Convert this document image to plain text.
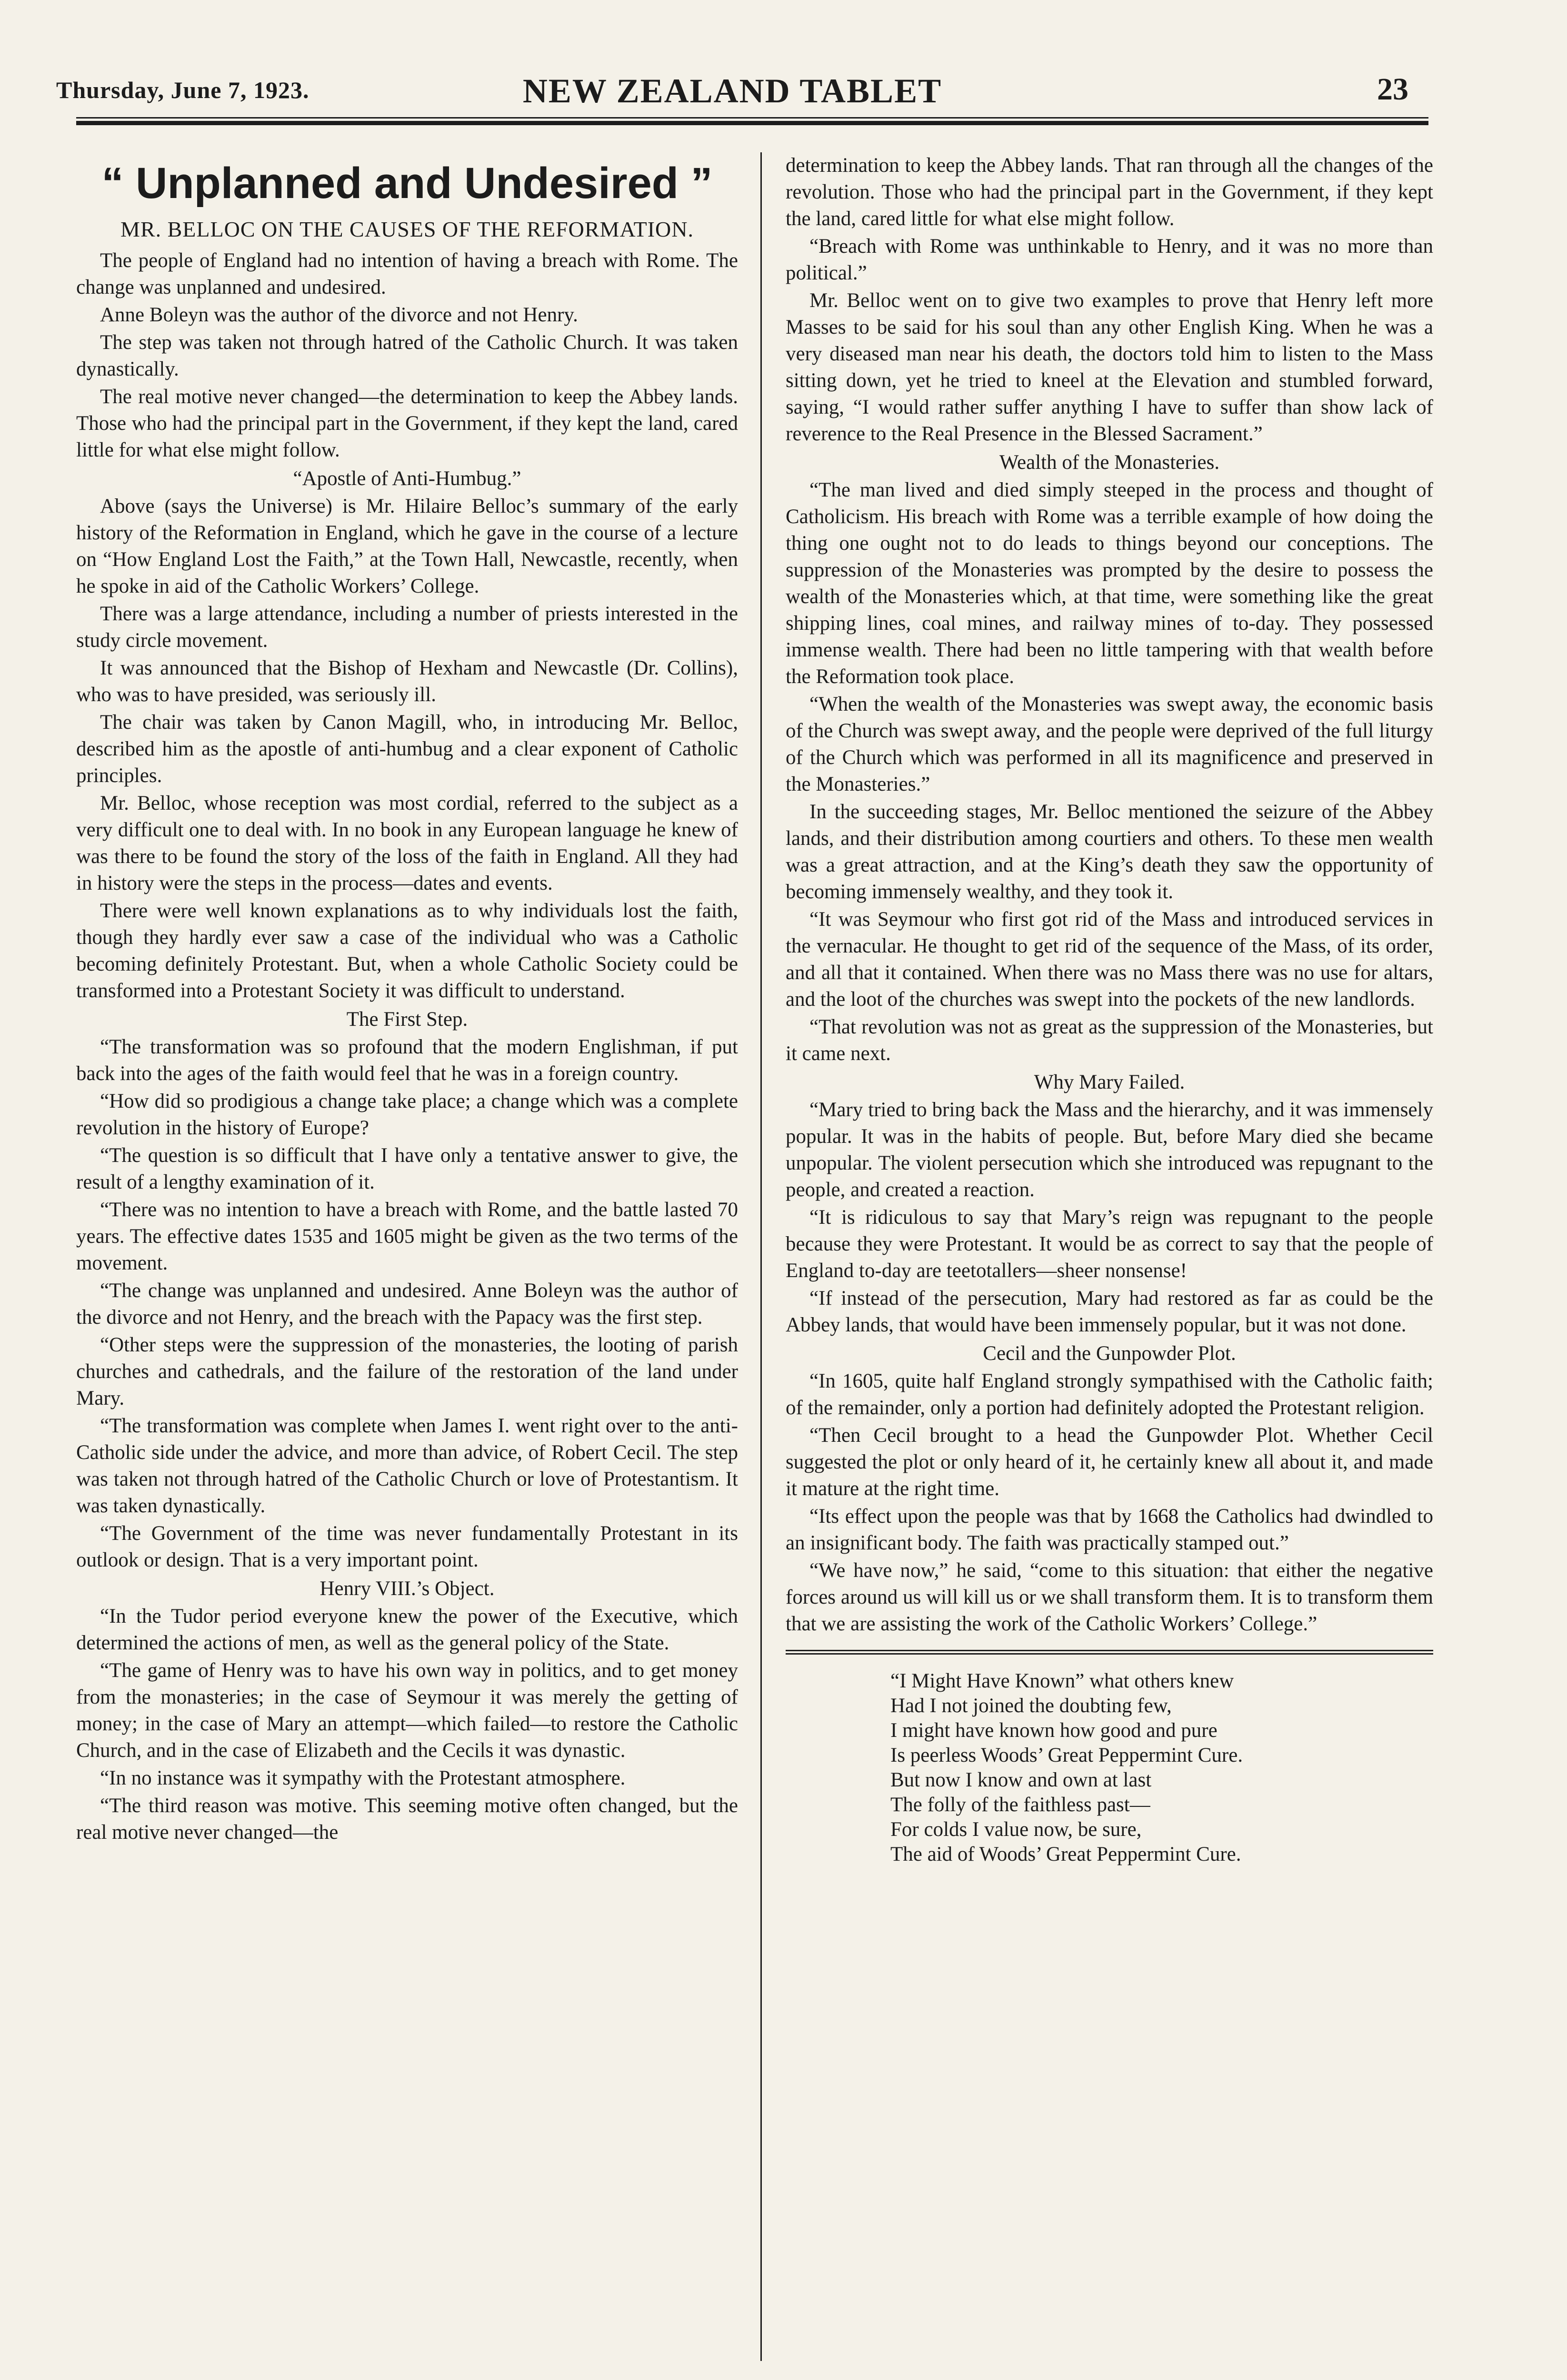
Thursday, June 7, 1923.	NEW ZEALAND TABLET	23
“ Unplanned and Undesired ”
MR. BELLOC ON THE CAUSES OF THE REFORMATION.
The people of England had no intention of having a breach with Rome. The change was unplanned and undesired.
Anne Boleyn was the author of the divorce and not Henry.
The step was taken not through hatred of the Catholic Church. It was taken dynastically.
The real motive never changed—the determination to keep the Abbey lands. Those who had the principal part in the Government, if they kept the land, cared little for what else might follow.
“Apostle of Anti-Humbug.”
Above (says the Universe) is Mr. Hilaire Belloc’s summary of the early history of the Reformation in England, which he gave in the course of a lecture on “How England Lost the Faith,” at the Town Hall, Newcastle, recently, when he spoke in aid of the Catholic Workers’ College.
There was a large attendance, including a number of priests interested in the study circle movement.
It was announced that the Bishop of Hexham and Newcastle (Dr. Collins), who was to have presided, was seriously ill.
The chair was taken by Canon Magill, who, in introducing Mr. Belloc, described him as the apostle of anti-humbug and a clear exponent of Catholic principles.
Mr. Belloc, whose reception was most cordial, referred to the subject as a very difficult one to deal with. In no book in any European language he knew of was there to be found the story of the loss of the faith in England. All they had in history were the steps in the process—dates and events.
There were well known explanations as to why individuals lost the faith, though they hardly ever saw a case of the individual who was a Catholic becoming definitely Protestant. But, when a whole Catholic Society could be transformed into a Protestant Society it was difficult to understand.
The First Step.
“The transformation was so profound that the modern Englishman, if put back into the ages of the faith would feel that he was in a foreign country.
“How did so prodigious a change take place; a change which was a complete revolution in the history of Europe?
“The question is so difficult that I have only a tentative answer to give, the result of a lengthy examination of it.
“There was no intention to have a breach with Rome, and the battle lasted 70 years. The effective dates 1535 and 1605 might be given as the two terms of the movement.
“The change was unplanned and undesired. Anne Boleyn was the author of the divorce and not Henry, and the breach with the Papacy was the first step.
“Other steps were the suppression of the monasteries, the looting of parish churches and cathedrals, and the failure of the restoration of the land under Mary.
“The transformation was complete when James I. went right over to the anti-Catholic side under the advice, and more than advice, of Robert Cecil. The step was taken not through hatred of the Catholic Church or love of Protestantism. It was taken dynastically.
“The Government of the time was never fundamentally Protestant in its outlook or design. That is a very important point.
Henry VIII.’s Object.
“In the Tudor period everyone knew the power of the Executive, which determined the actions of men, as well as the general policy of the State.
“The game of Henry was to have his own way in politics, and to get money from the monasteries; in the case of Seymour it was merely the getting of money; in the case of Mary an attempt—which failed—to restore the Catholic Church, and in the case of Elizabeth and the Cecils it was dynastic.
“In no instance was it sympathy with the Protestant atmosphere.
“The third reason was motive. This seeming motive often changed, but the real motive never changed—the
determination to keep the Abbey lands. That ran through all the changes of the revolution. Those who had the principal part in the Government, if they kept the land, cared little for what else might follow.
“Breach with Rome was unthinkable to Henry, and it was no more than political.”
Mr. Belloc went on to give two examples to prove that Henry left more Masses to be said for his soul than any other English King. When he was a very diseased man near his death, the doctors told him to listen to the Mass sitting down, yet he tried to kneel at the Elevation and stumbled forward, saying, “I would rather suffer anything I have to suffer than show lack of reverence to the Real Presence in the Blessed Sacrament.”
Wealth of the Monasteries.
“The man lived and died simply steeped in the process and thought of Catholicism. His breach with Rome was a terrible example of how doing the thing one ought not to do leads to things beyond our conceptions. The suppression of the Monasteries was prompted by the desire to possess the wealth of the Monasteries which, at that time, were something like the great shipping lines, coal mines, and railway mines of to-day. They possessed immense wealth. There had been no little tampering with that wealth before the Reformation took place.
“When the wealth of the Monasteries was swept away, the economic basis of the Church was swept away, and the people were deprived of the full liturgy of the Church which was performed in all its magnificence and preserved in the Monasteries.”
In the succeeding stages, Mr. Belloc mentioned the seizure of the Abbey lands, and their distribution among courtiers and others. To these men wealth was a great attraction, and at the King’s death they saw the opportunity of becoming immensely wealthy, and they took it.
“It was Seymour who first got rid of the Mass and introduced services in the vernacular. He thought to get rid of the sequence of the Mass, of its order, and all that it contained. When there was no Mass there was no use for altars, and the loot of the churches was swept into the pockets of the new landlords.
“That revolution was not as great as the suppression of the Monasteries, but it came next.
Why Mary Failed.
“Mary tried to bring back the Mass and the hierarchy, and it was immensely popular. It was in the habits of people. But, before Mary died she became unpopular. The violent persecution which she introduced was repugnant to the people, and created a reaction.
“It is ridiculous to say that Mary’s reign was repugnant to the people because they were Protestant. It would be as correct to say that the people of England to-day are teetotallers—sheer nonsense!
“If instead of the persecution, Mary had restored as far as could be the Abbey lands, that would have been immensely popular, but it was not done.
Cecil and the Gunpowder Plot.
“In 1605, quite half England strongly sympathised with the Catholic faith; of the remainder, only a portion had definitely adopted the Protestant religion.
“Then Cecil brought to a head the Gunpowder Plot. Whether Cecil suggested the plot or only heard of it, he certainly knew all about it, and made it mature at the right time.
“Its effect upon the people was that by 1668 the Catholics had dwindled to an insignificant body. The faith was practically stamped out.”
“We have now,” he said, “come to this situation: that either the negative forces around us will kill us or we shall transform them. It is to transform them that we are assisting the work of the Catholic Workers’ College.”
“I Might Have Known” what others knew
Had I not joined the doubting few,
I might have known how good and pure
Is peerless Woods’ Great Peppermint Cure.
But now I know and own at last
The folly of the faithless past—
For colds I value now, be sure,
The aid of Woods’ Great Peppermint Cure.
